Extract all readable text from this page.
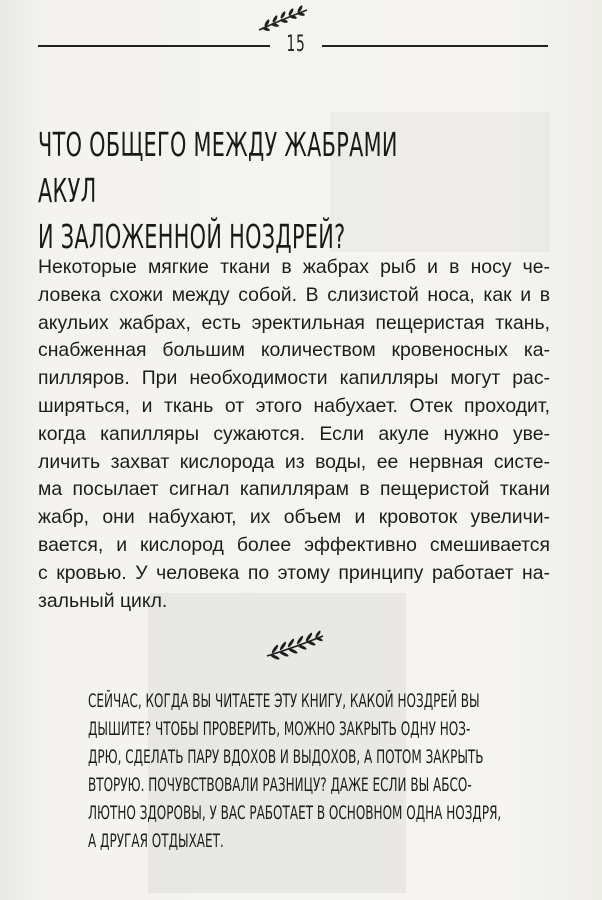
15
ЧТО ОБЩЕГО МЕЖДУ ЖАБРАМИ АКУЛ
И ЗАЛОЖЕННОЙ НОЗДРЕЙ?
Некоторые мягкие ткани в жабрах рыб и в носу че-
ловека схожи между собой. В слизистой носа, как и в
акульих жабрах, есть эректильная пещеристая ткань,
снабженная большим количеством кровеносных ка-
пилляров. При необходимости капилляры могут рас-
ширяться, и ткань от этого набухает. Отек проходит,
когда капилляры сужаются. Если акуле нужно уве-
личить захват кислорода из воды, ее нервная систе-
ма посылает сигнал капиллярам в пещеристой ткани
жабр, они набухают, их объем и кровоток увеличи-
вается, и кислород более эффективно смешивается
с кровью. У человека по этому принципу работает на-
зальный цикл.
СЕЙЧАС, КОГДА ВЫ ЧИТАЕТЕ ЭТУ КНИГУ, КАКОЙ НОЗДРЕЙ ВЫ
ДЫШИТЕ? ЧТОБЫ ПРОВЕРИТЬ, МОЖНО ЗАКРЫТЬ ОДНУ НОЗ-
ДРЮ, СДЕЛАТЬ ПАРУ ВДОХОВ И ВЫДОХОВ, А ПОТОМ ЗАКРЫТЬ
ВТОРУЮ. ПОЧУВСТВОВАЛИ РАЗНИЦУ? ДАЖЕ ЕСЛИ ВЫ АБСО-
ЛЮТНО ЗДОРОВЫ, У ВАС РАБОТАЕТ В ОСНОВНОМ ОДНА НОЗДРЯ,
А ДРУГАЯ ОТДЫХАЕТ.
